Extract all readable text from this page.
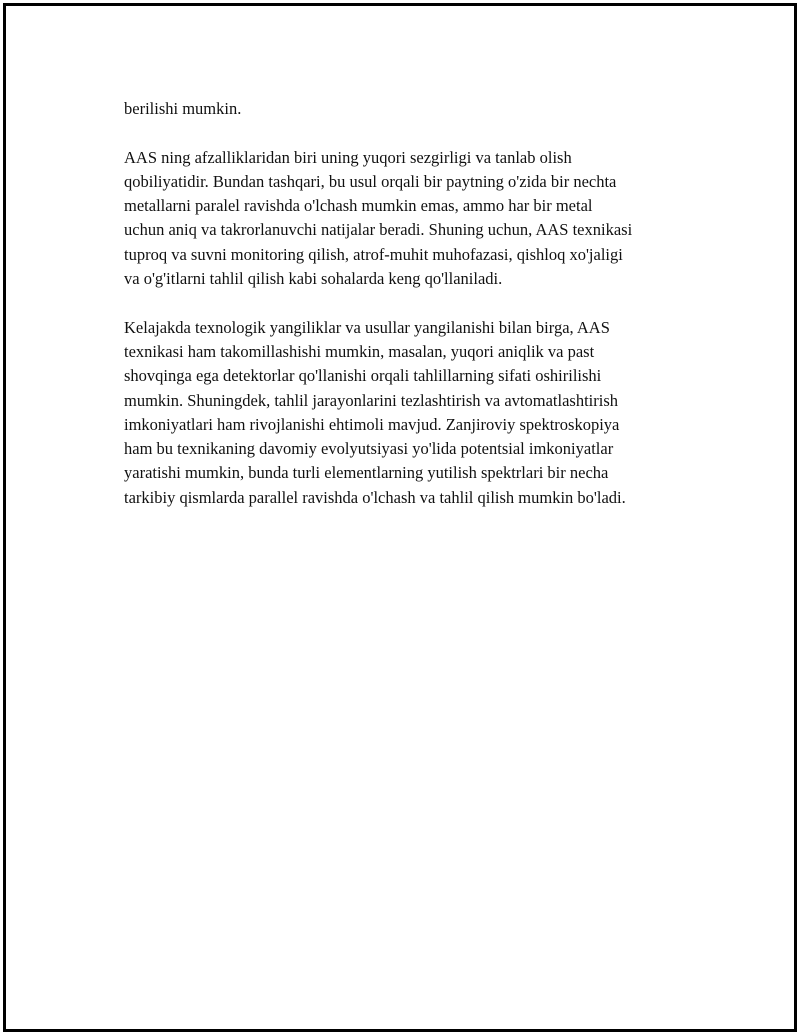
berilishi mumkin.

AAS ning afzalliklaridan biri uning yuqori sezgirligi va tanlab olish
qobiliyatidir. Bundan tashqari, bu usul orqali bir paytning o'zida bir nechta
metallarni paralel ravishda o'lchash mumkin emas, ammo har bir metal
uchun aniq va takrorlanuvchi natijalar beradi. Shuning uchun, AAS texnikasi
tuproq va suvni monitoring qilish, atrof-muhit muhofazasi, qishloq xo'jaligi
va o'g'itlarni tahlil qilish kabi sohalarda keng qo'llaniladi.

Kelajakda texnologik yangiliklar va usullar yangilanishi bilan birga, AAS
texnikasi ham takomillashishi mumkin, masalan, yuqori aniqlik va past
shovqinga ega detektorlar qo'llanishi orqali tahlillarning sifati oshirilishi
mumkin. Shuningdek, tahlil jarayonlarini tezlashtirish va avtomatlashtirish
imkoniyatlari ham rivojlanishi ehtimoli mavjud. Zanjiroviy spektroskopiya
ham bu texnikaning davomiy evolyutsiyasi yo'lida potentsial imkoniyatlar
yaratishi mumkin, bunda turli elementlarning yutilish spektrlari bir necha
tarkibiy qismlarda parallel ravishda o'lchash va tahlil qilish mumkin bo'ladi.
